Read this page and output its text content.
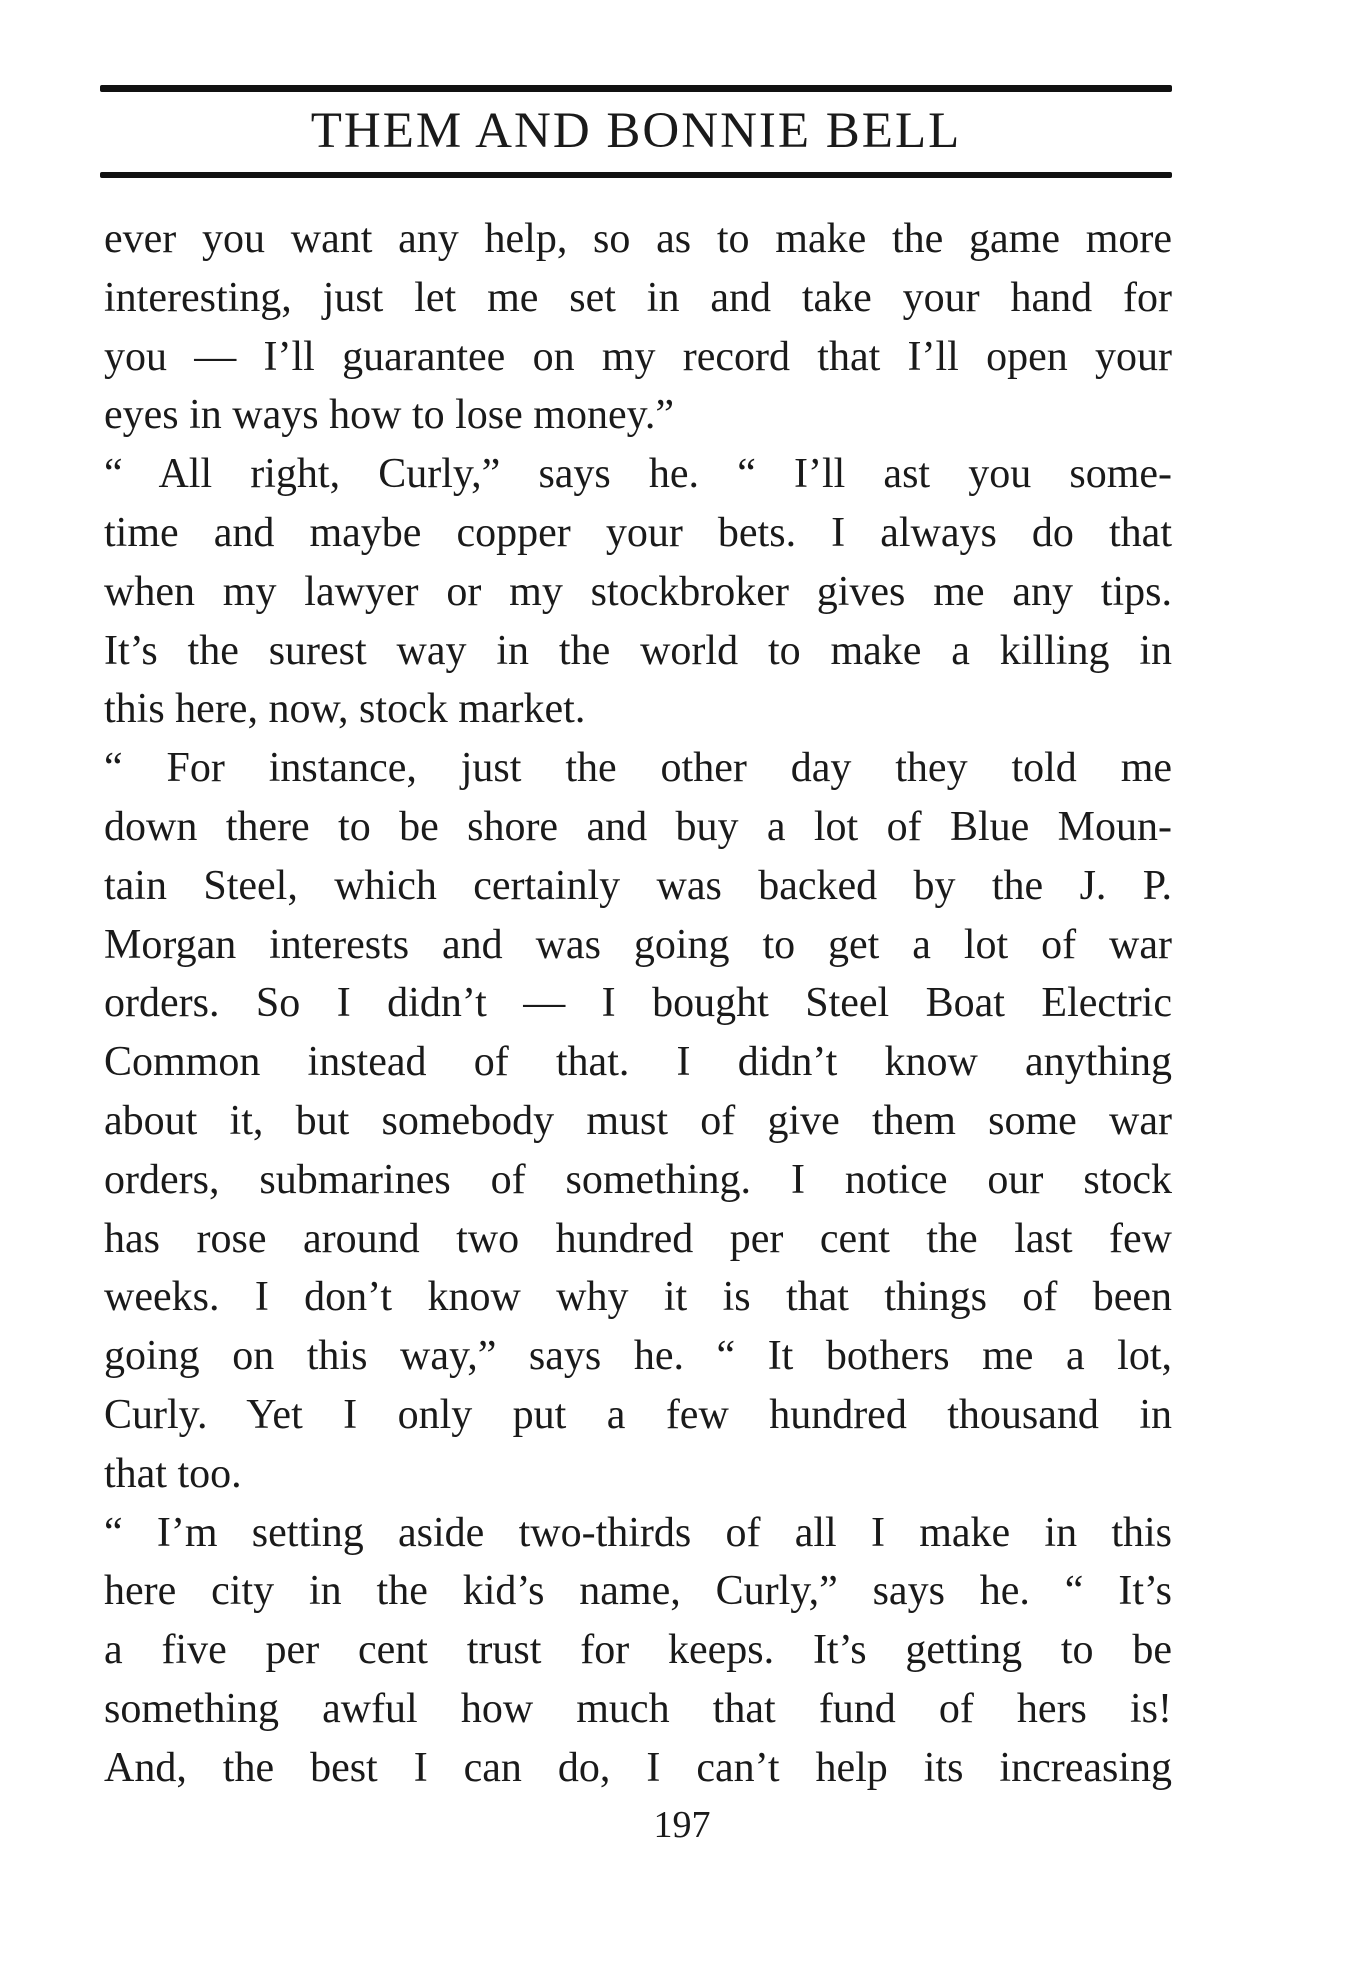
THEM AND BONNIE BELL
ever you want any help, so as to make the game more
interesting, just let me set in and take your hand for
you — I’ll guarantee on my record that I’ll open your
eyes in ways how to lose money.”
“ All right, Curly,” says he. “ I’ll ast you some-
time and maybe copper your bets. I always do that
when my lawyer or my stockbroker gives me any tips.
It’s the surest way in the world to make a killing in
this here, now, stock market.
“ For instance, just the other day they told me
down there to be shore and buy a lot of Blue Moun-
tain Steel, which certainly was backed by the J. P.
Morgan interests and was going to get a lot of war
orders. So I didn’t — I bought Steel Boat Electric
Common instead of that. I didn’t know anything
about it, but somebody must of give them some war
orders, submarines of something. I notice our stock
has rose around two hundred per cent the last few
weeks. I don’t know why it is that things of been
going on this way,” says he. “ It bothers me a lot,
Curly. Yet I only put a few hundred thousand in
that too.
“ I’m setting aside two-thirds of all I make in this
here city in the kid’s name, Curly,” says he. “ It’s
a five per cent trust for keeps. It’s getting to be
something awful how much that fund of hers is!
And, the best I can do, I can’t help its increasing
197
